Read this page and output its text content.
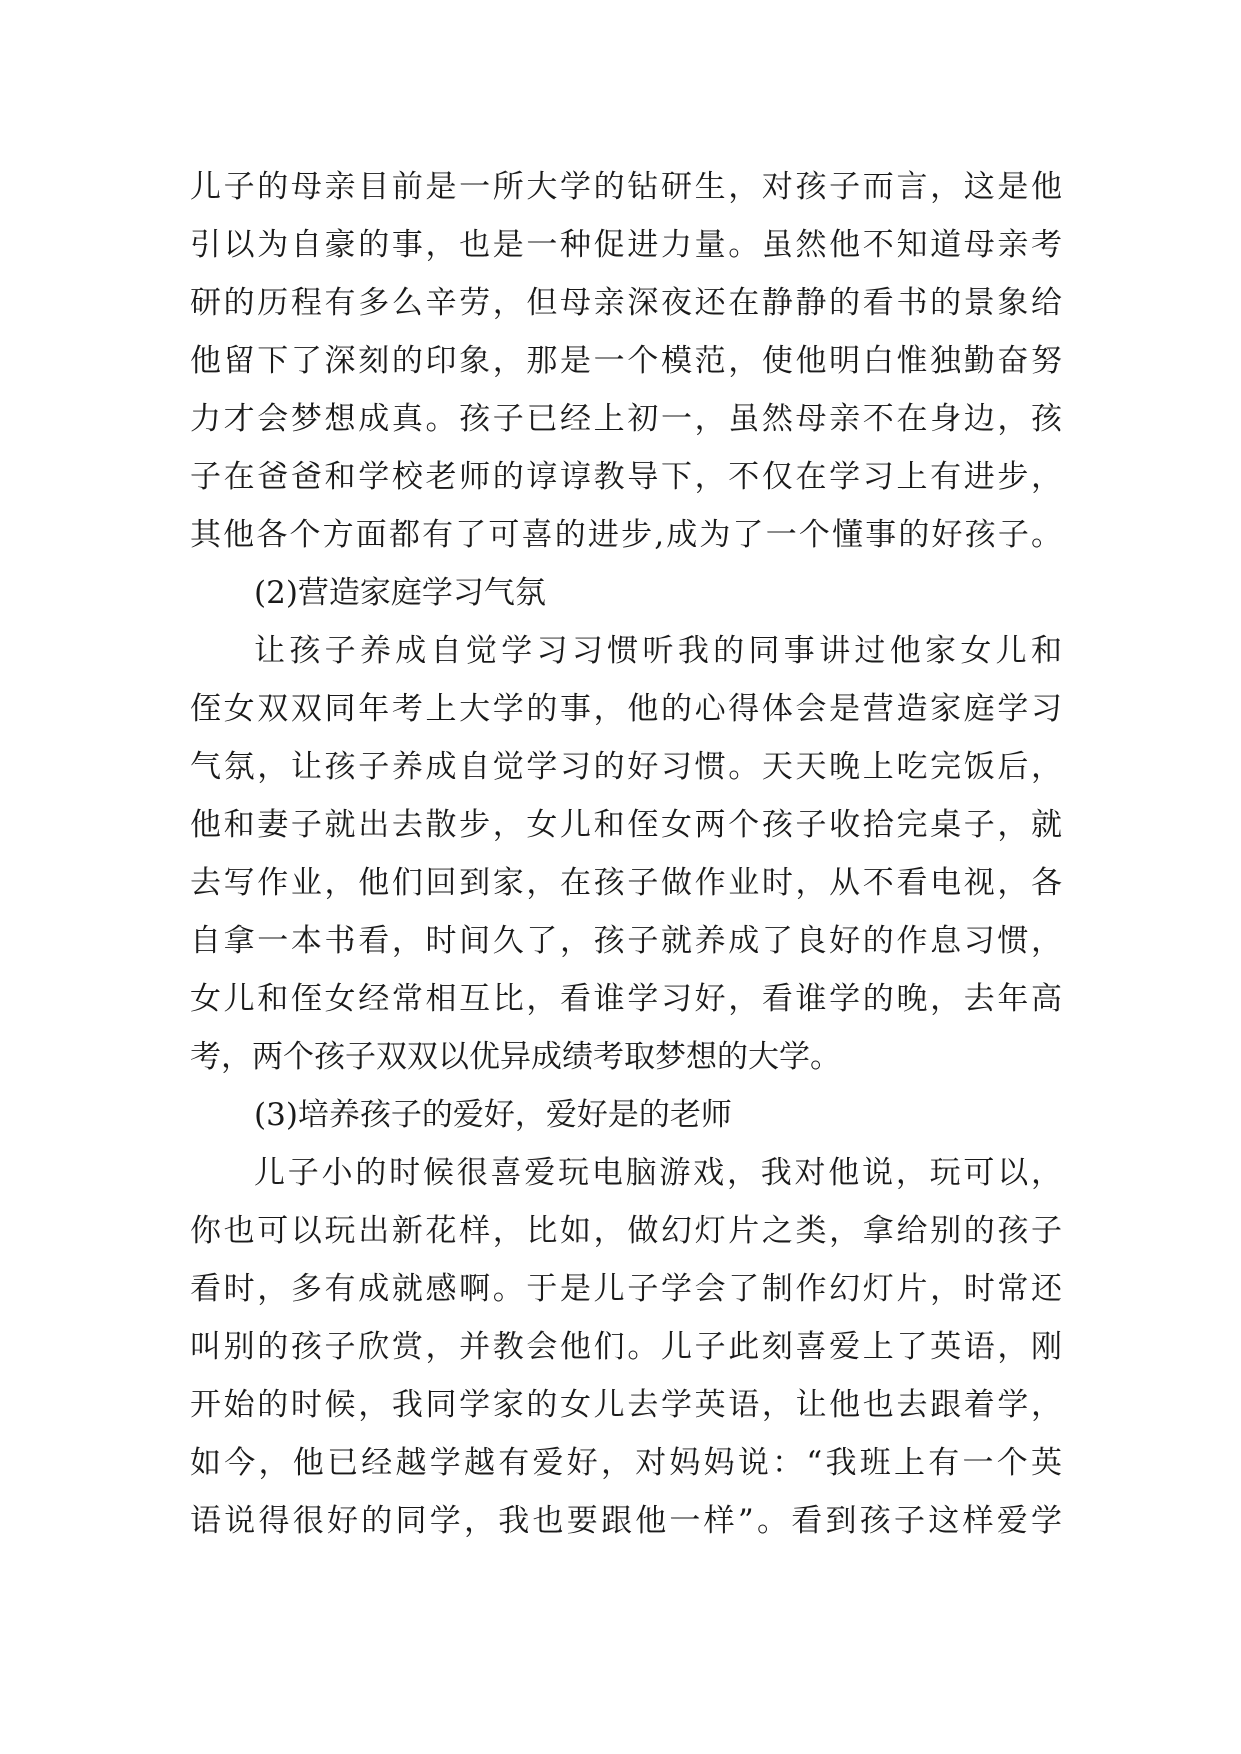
儿子的母亲目前是一所大学的钻研生，对孩子而言，这是他
引以为自豪的事，也是一种促进力量。虽然他不知道母亲考
研的历程有多么辛劳，但母亲深夜还在静静的看书的景象给
他留下了深刻的印象，那是一个模范，使他明白惟独勤奋努
力才会梦想成真。孩子已经上初一，虽然母亲不在身边，孩
子在爸爸和学校老师的谆谆教导下，不仅在学习上有进步，
其他各个方面都有了可喜的进步,成为了一个懂事的好孩子。
(2)营造家庭学习气氛
让孩子养成自觉学习习惯听我的同事讲过他家女儿和
侄女双双同年考上大学的事，他的心得体会是营造家庭学习
气氛，让孩子养成自觉学习的好习惯。天天晚上吃完饭后，
他和妻子就出去散步，女儿和侄女两个孩子收拾完桌子，就
去写作业，他们回到家，在孩子做作业时，从不看电视，各
自拿一本书看，时间久了，孩子就养成了良好的作息习惯，
女儿和侄女经常相互比，看谁学习好，看谁学的晚，去年高
考，两个孩子双双以优异成绩考取梦想的大学。
(3)培养孩子的爱好，爱好是的老师
儿子小的时候很喜爱玩电脑游戏，我对他说，玩可以，
你也可以玩出新花样，比如，做幻灯片之类，拿给别的孩子
看时，多有成就感啊。于是儿子学会了制作幻灯片，时常还
叫别的孩子欣赏，并教会他们。儿子此刻喜爱上了英语，刚
开始的时候，我同学家的女儿去学英语，让他也去跟着学，
如今，他已经越学越有爱好，对妈妈说：“我班上有一个英
语说得很好的同学，我也要跟他一样”。看到孩子这样爱学
